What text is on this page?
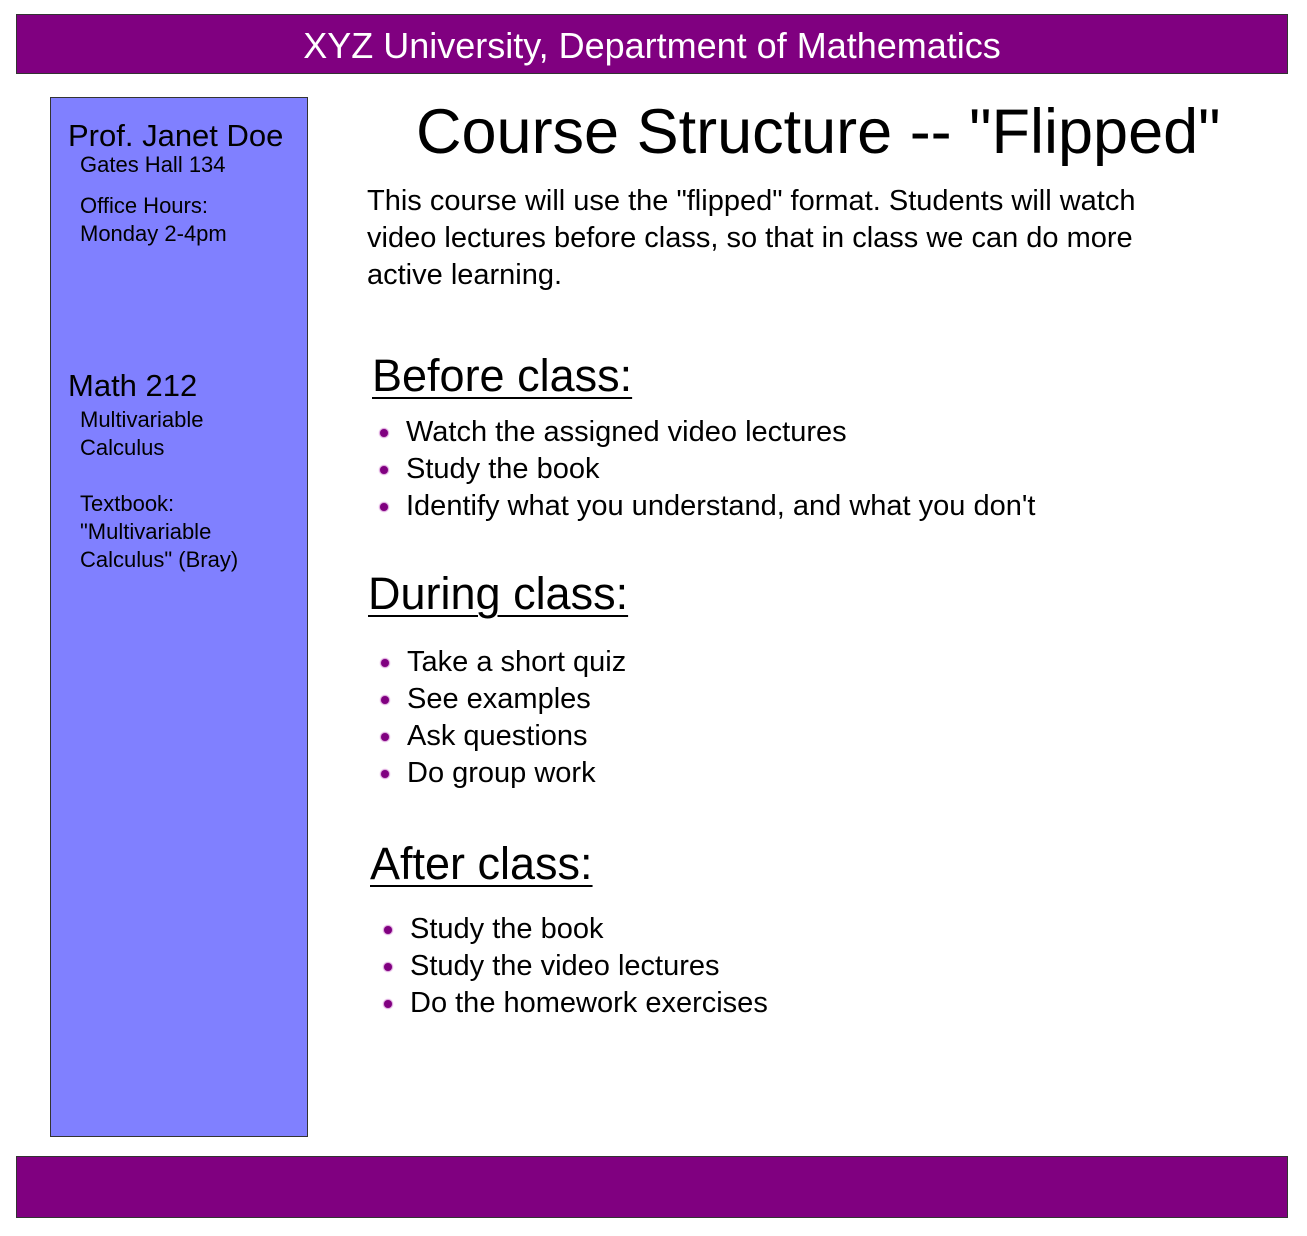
XYZ University, Department of Mathematics
Prof. Janet Doe
Gates Hall 134
Office Hours:
Monday 2-4pm
Math 212
Multivariable
Calculus
Textbook:
"Multivariable
Calculus" (Bray)
Course Structure -- "Flipped"
This course will use the "flipped" format. Students will watch
video lectures before class, so that in class we can do more
active learning.
Before class:
Watch the assigned video lectures
Study the book
Identify what you understand, and what you don't
During class:
Take a short quiz
See examples
Ask questions
Do group work
After class:
Study the book
Study the video lectures
Do the homework exercises
